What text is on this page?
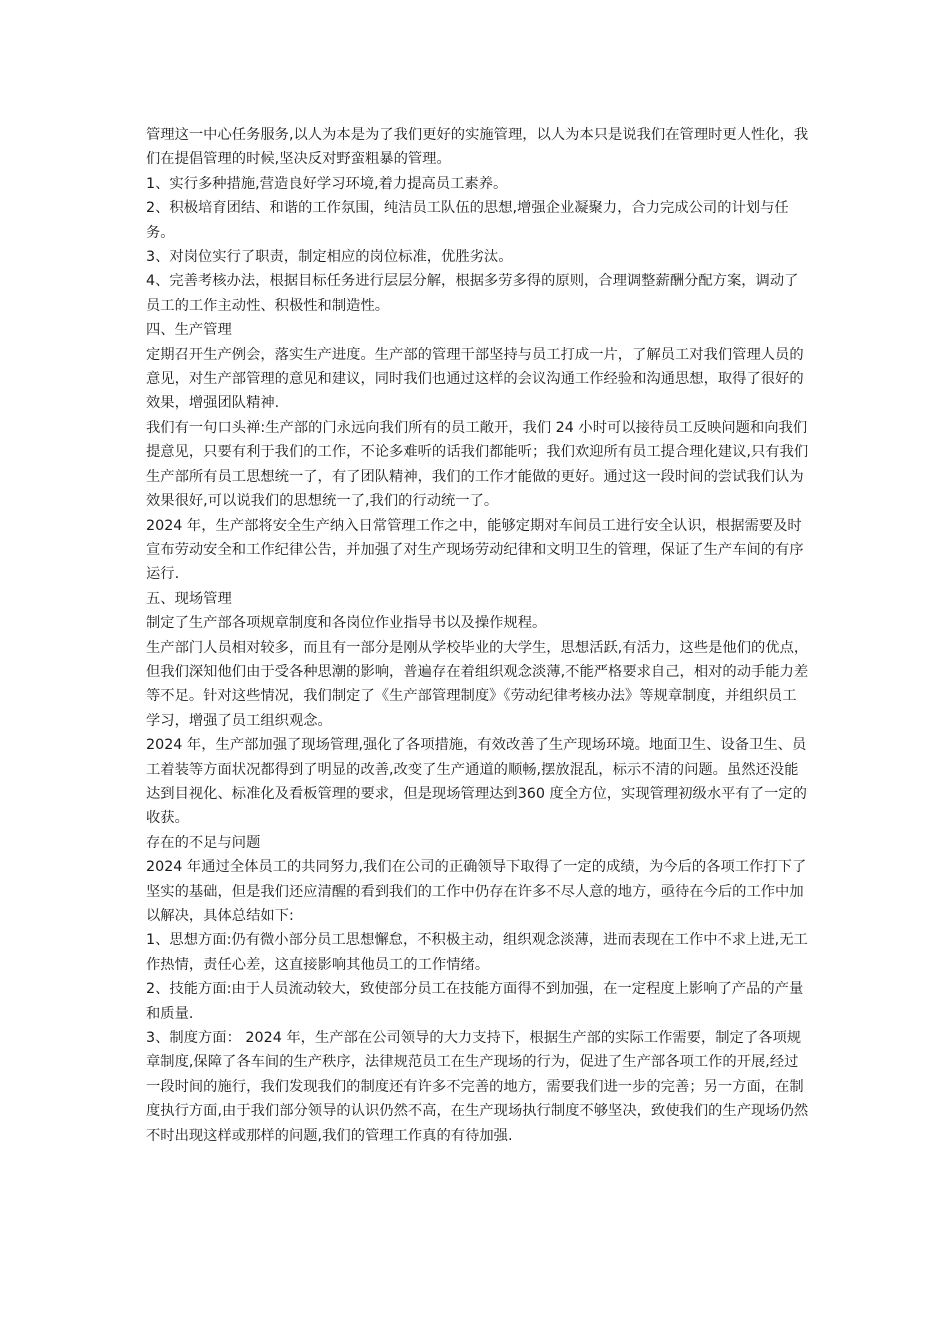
管理这一中心任务服务,以人为本是为了我们更好的实施管理，以人为本只是说我们在管理时更人性化，我们在提倡管理的时候,坚决反对野蛮粗暴的管理。

1、实行多种措施,营造良好学习环境,着力提高员工素养。

2、积极培育团结、和谐的工作氛围，纯洁员工队伍的思想,增强企业凝聚力，合力完成公司的计划与任务。

3、对岗位实行了职责，制定相应的岗位标准，优胜劣汰。

4、完善考核办法，根据目标任务进行层层分解，根据多劳多得的原则，合理调整薪酬分配方案，调动了员工的工作主动性、积极性和制造性。

四、生产管理

定期召开生产例会，落实生产进度。生产部的管理干部坚持与员工打成一片，了解员工对我们管理人员的意见，对生产部管理的意见和建议，同时我们也通过这样的会议沟通工作经验和沟通思想，取得了很好的效果，增强团队精神.

我们有一句口头禅:生产部的门永远向我们所有的员工敞开，我们 24 小时可以接待员工反映问题和向我们提意见，只要有利于我们的工作，不论多难听的话我们都能听；我们欢迎所有员工提合理化建议,只有我们生产部所有员工思想统一了，有了团队精神，我们的工作才能做的更好。通过这一段时间的尝试我们认为效果很好,可以说我们的思想统一了,我们的行动统一了。

2024 年，生产部将安全生产纳入日常管理工作之中，能够定期对车间员工进行安全认识，根据需要及时宣布劳动安全和工作纪律公告，并加强了对生产现场劳动纪律和文明卫生的管理，保证了生产车间的有序运行.

五、现场管理

制定了生产部各项规章制度和各岗位作业指导书以及操作规程。

生产部门人员相对较多，而且有一部分是刚从学校毕业的大学生，思想活跃,有活力，这些是他们的优点，但我们深知他们由于受各种思潮的影响，普遍存在着组织观念淡薄,不能严格要求自己，相对的动手能力差等不足。针对这些情况，我们制定了《生产部管理制度》《劳动纪律考核办法》等规章制度，并组织员工学习，增强了员工组织观念。

2024 年，生产部加强了现场管理,强化了各项措施，有效改善了生产现场环境。地面卫生、设备卫生、员工着装等方面状况都得到了明显的改善,改变了生产通道的顺畅,摆放混乱，标示不清的问题。虽然还没能达到目视化、标准化及看板管理的要求，但是现场管理达到360 度全方位，实现管理初级水平有了一定的收获。

存在的不足与问题

2024 年通过全体员工的共同努力,我们在公司的正确领导下取得了一定的成绩，为今后的各项工作打下了坚实的基础，但是我们还应清醒的看到我们的工作中仍存在许多不尽人意的地方，亟待在今后的工作中加以解决，具体总结如下:

1、思想方面:仍有微小部分员工思想懈怠，不积极主动，组织观念淡薄，进而表现在工作中不求上进,无工作热情，责任心差，这直接影响其他员工的工作情绪。

2、技能方面:由于人员流动较大，致使部分员工在技能方面得不到加强，在一定程度上影响了产品的产量和质量.

3、制度方面： 2024 年，生产部在公司领导的大力支持下，根据生产部的实际工作需要，制定了各项规章制度,保障了各车间的生产秩序，法律规范员工在生产现场的行为，促进了生产部各项工作的开展,经过一段时间的施行，我们发现我们的制度还有许多不完善的地方，需要我们进一步的完善；另一方面，在制度执行方面,由于我们部分领导的认识仍然不高，在生产现场执行制度不够坚决，致使我们的生产现场仍然不时出现这样或那样的问题,我们的管理工作真的有待加强.
